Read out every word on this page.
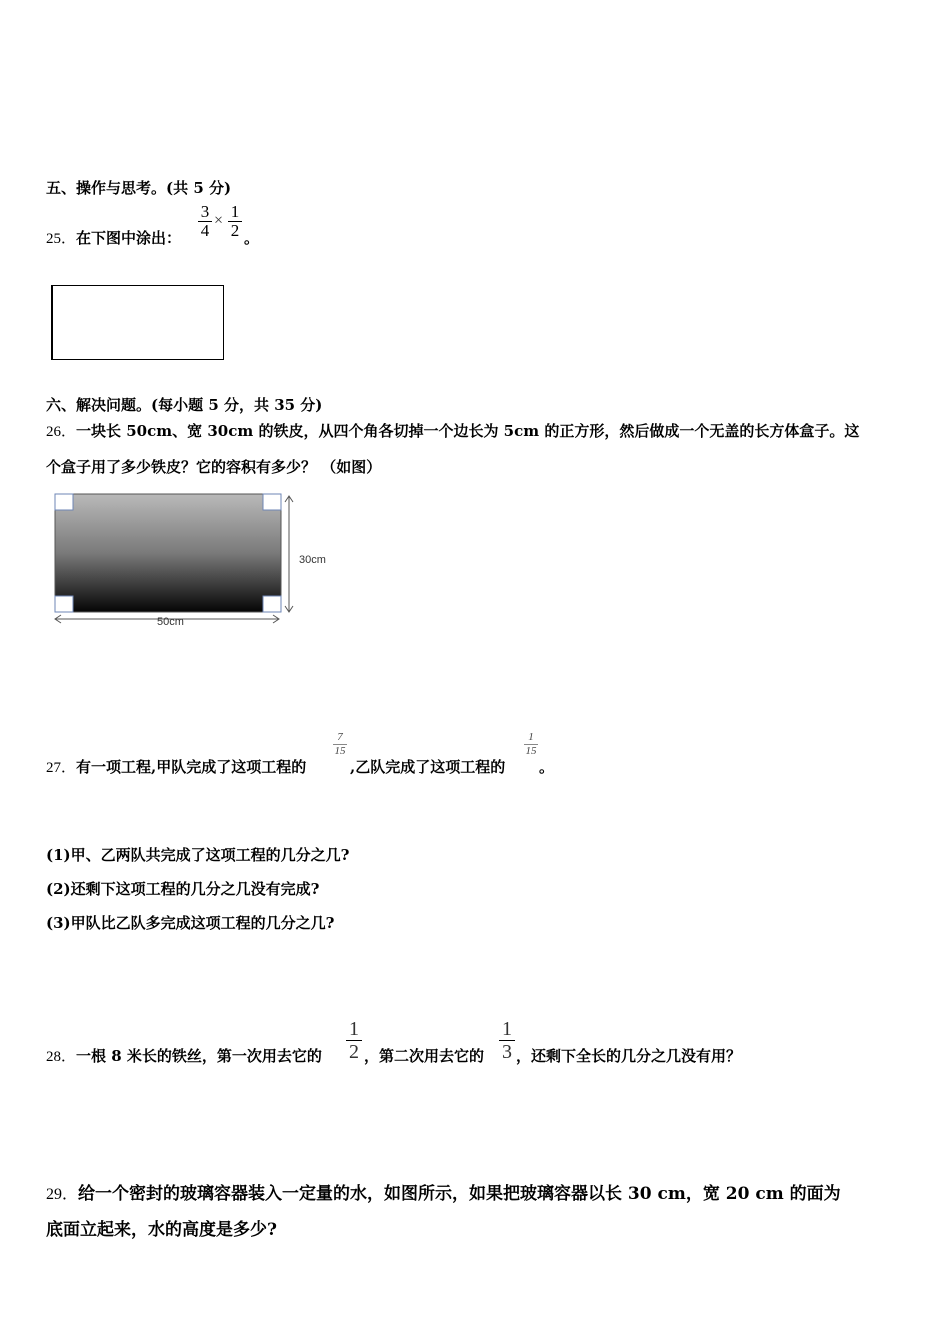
五、操作与思考。(共 5 分)
25．在下图中涂出： $\frac{3}{4} \times \frac{1}{2}$ 。
六、解决问题。(每小题 5 分，共 35 分)
26．一块长 50cm、宽 30cm 的铁皮，从四个角各切掉一个边长为 5cm 的正方形，然后做成一个无盖的长方体盒子。这
个盒子用了多少铁皮？它的容积有多少？ （如图）
30cm
50cm
27．有一项工程,甲队完成了这项工程的
$\frac{7}{15}$
,乙队完成了这项工程的
$\frac{1}{15}$
。
(1)甲、乙两队共完成了这项工程的几分之几?
(2)还剩下这项工程的几分之几没有完成?
(3)甲队比乙队多完成这项工程的几分之几?
28．一根 8 米长的铁丝，第一次用去它的 $\frac{1}{2}$ ，第二次用去它的 $\frac{1}{3}$ ，还剩下全长的几分之几没有用？
29．给一个密封的玻璃容器装入一定量的水，如图所示，如果把玻璃容器以长 30 cm，宽 20 cm 的面为
底面立起来，水的高度是多少?
